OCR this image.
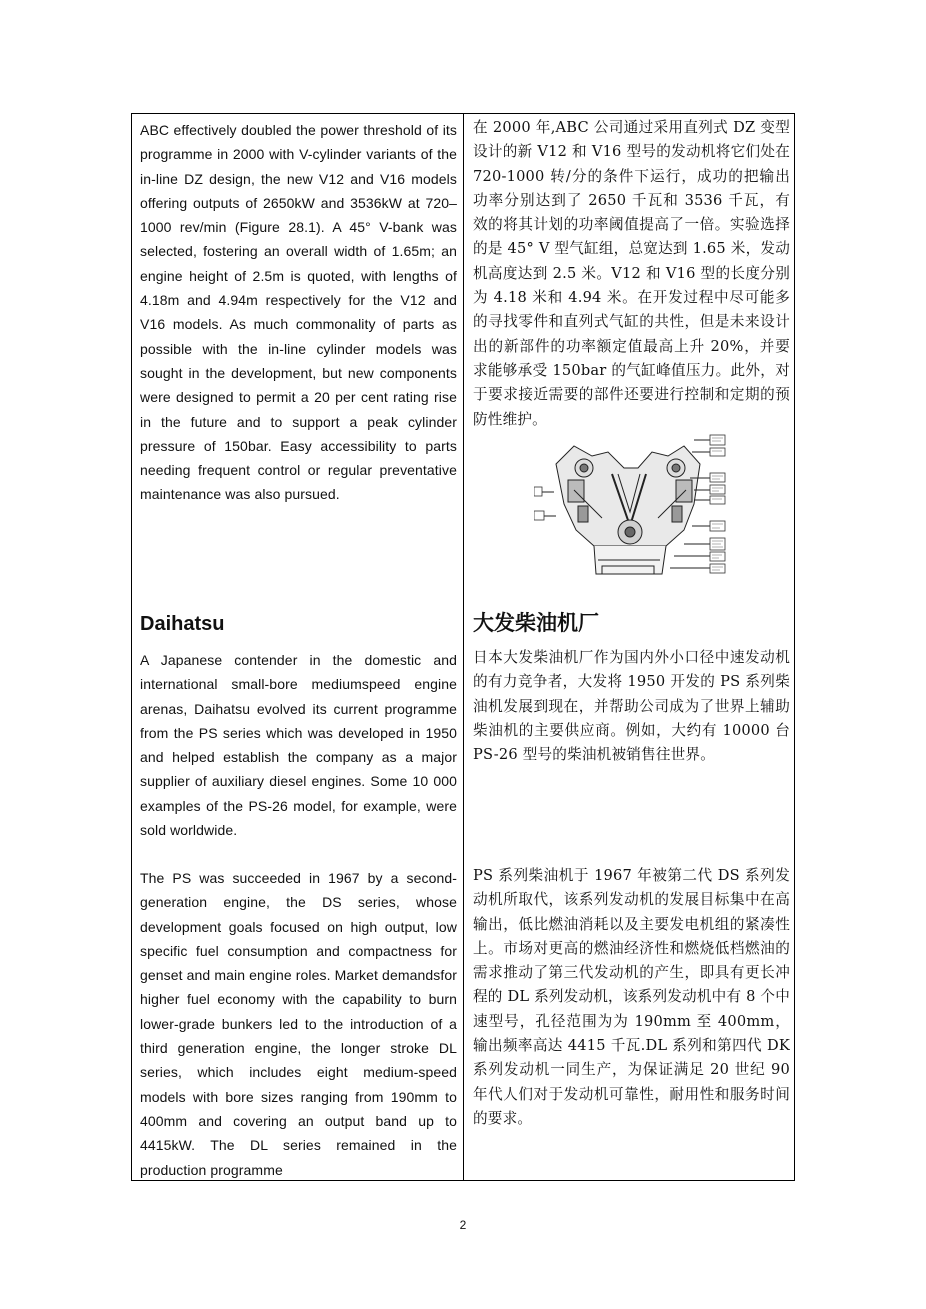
ABC effectively doubled the power threshold of its programme in 2000 with V-cylinder variants of the in-line DZ design, the new V12 and V16 models offering outputs of 2650kW and 3536kW at 720–1000 rev/min (Figure 28.1). A 45° V-bank was selected, fostering an overall width of 1.65m; an engine height of 2.5m is quoted, with lengths of 4.18m and 4.94m respectively for the V12 and V16 models. As much commonality of parts as possible with the in-line cylinder models was sought in the development, but new components were designed to permit a 20 per cent rating rise in the future and to support a peak cylinder pressure of 150bar. Easy accessibility to parts needing frequent control or regular preventative maintenance was also pursued.

Daihatsu

A Japanese contender in the domestic and international small-bore mediumspeed engine arenas, Daihatsu evolved its current programme from the PS series which was developed in 1950 and helped establish the company as a major supplier of auxiliary diesel engines. Some 10 000 examples of the PS-26 model, for example, were sold worldwide.

The PS was succeeded in 1967 by a second-generation engine, the DS series, whose development goals focused on high output, low specific fuel consumption and compactness for genset and main engine roles. Market demandsfor higher fuel economy with the capability to burn lower-grade bunkers led to the introduction of a third generation engine, the longer stroke DL series, which includes eight medium-speed models with bore sizes ranging from 190mm to 400mm and covering an output band up to 4415kW. The DL series remained in the production programme

在 2000 年,ABC 公司通过采用直列式 DZ 变型设计的新 V12 和 V16 型号的发动机将它们处在 720-1000 转/分的条件下运行，成功的把输出功率分别达到了 2650 千瓦和 3536 千瓦，有效的将其计划的功率阈值提高了一倍。实验选择的是 45° V 型气缸组，总宽达到 1.65 米，发动机高度达到 2.5 米。V12 和 V16 型的长度分别为 4.18 米和 4.94 米。在开发过程中尽可能多的寻找零件和直列式气缸的共性，但是未来设计出的新部件的功率额定值最高上升 20%，并要求能够承受 150bar 的气缸峰值压力。此外，对于要求接近需要的部件还要进行控制和定期的预防性维护。

大发柴油机厂

日本大发柴油机厂作为国内外小口径中速发动机的有力竞争者，大发将 1950 开发的 PS 系列柴油机发展到现在，并帮助公司成为了世界上辅助柴油机的主要供应商。例如，大约有 10000 台 PS-26 型号的柴油机被销售往世界。

PS 系列柴油机于 1967 年被第二代 DS 系列发动机所取代，该系列发动机的发展目标集中在高输出，低比燃油消耗以及主要发电机组的紧凑性上。市场对更高的燃油经济性和燃烧低档燃油的需求推动了第三代发动机的产生，即具有更长冲程的 DL 系列发动机，该系列发动机中有 8 个中速型号，孔径范围为为 190mm 至 400mm，输出频率高达 4415 千瓦.DL 系列和第四代 DK 系列发动机一同生产，为保证满足 20 世纪 90 年代人们对于发动机可靠性，耐用性和服务时间的要求。

2
